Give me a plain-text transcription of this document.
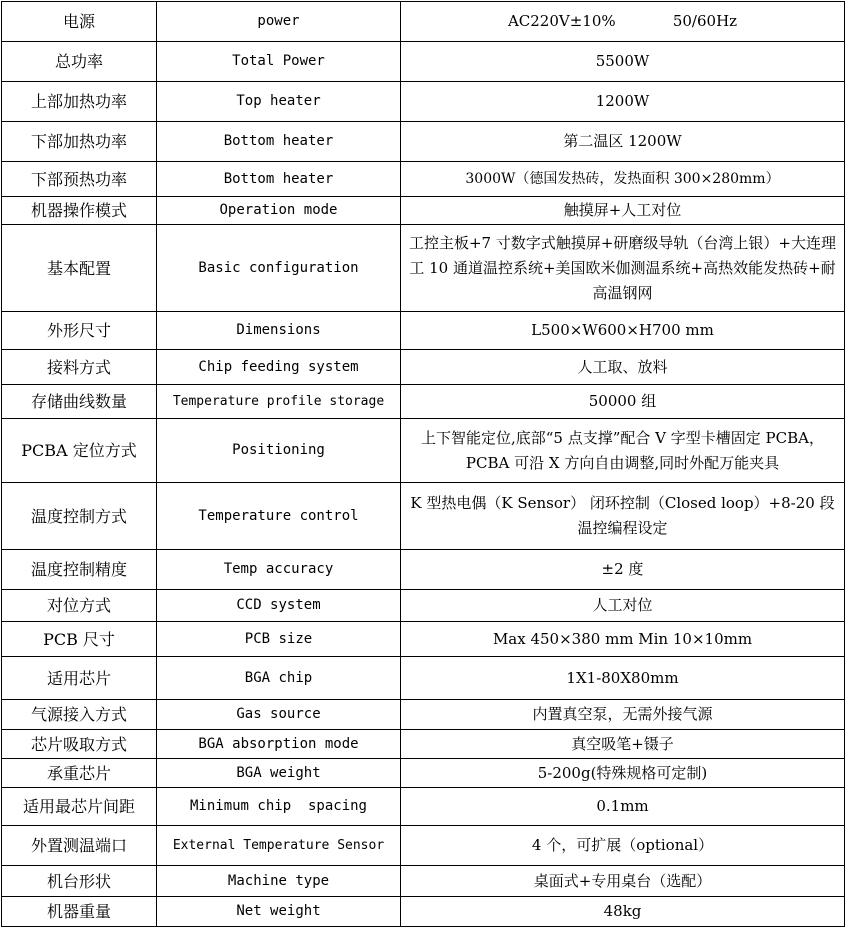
电源	power	AC220V±10%            50/60Hz
总功率	Total Power	5500W
上部加热功率	Top heater	1200W
下部加热功率	Bottom heater	第二温区 1200W
下部预热功率	Bottom heater	3000W（德国发热砖，发热面积 300×280mm）
机器操作模式	Operation mode	触摸屏+人工对位
基本配置	Basic configuration	工控主板+7 寸数字式触摸屏+研磨级导轨（台湾上银）+大连理工 10 通道温控系统+美国欧米伽测温系统+高热效能发热砖+耐高温钢网
外形尺寸	Dimensions	L500×W600×H700 mm
接料方式	Chip feeding system	人工取、放料
存储曲线数量	Temperature profile storage	50000 组
PCBA 定位方式	Positioning	上下智能定位,底部“5 点支撑”配合 V 字型卡槽固定 PCBA，PCBA 可沿 X 方向自由调整,同时外配万能夹具
温度控制方式	Temperature control	K 型热电偶（K Sensor） 闭环控制（Closed loop）+8-20 段温控编程设定
温度控制精度	Temp accuracy	±2 度
对位方式	CCD system	人工对位
PCB 尺寸	PCB size	Max 450×380 mm Min 10×10mm
适用芯片	BGA chip	1X1-80X80mm
气源接入方式	Gas source	内置真空泵，无需外接气源
芯片吸取方式	BGA absorption mode	真空吸笔+镊子
承重芯片	BGA weight	5-200g(特殊规格可定制)
适用最芯片间距	Minimum chip  spacing	0.1mm
外置测温端口	External Temperature Sensor	4 个，可扩展（optional）
机台形状	Machine type	桌面式+专用桌台（选配）
机器重量	Net weight	48kg
